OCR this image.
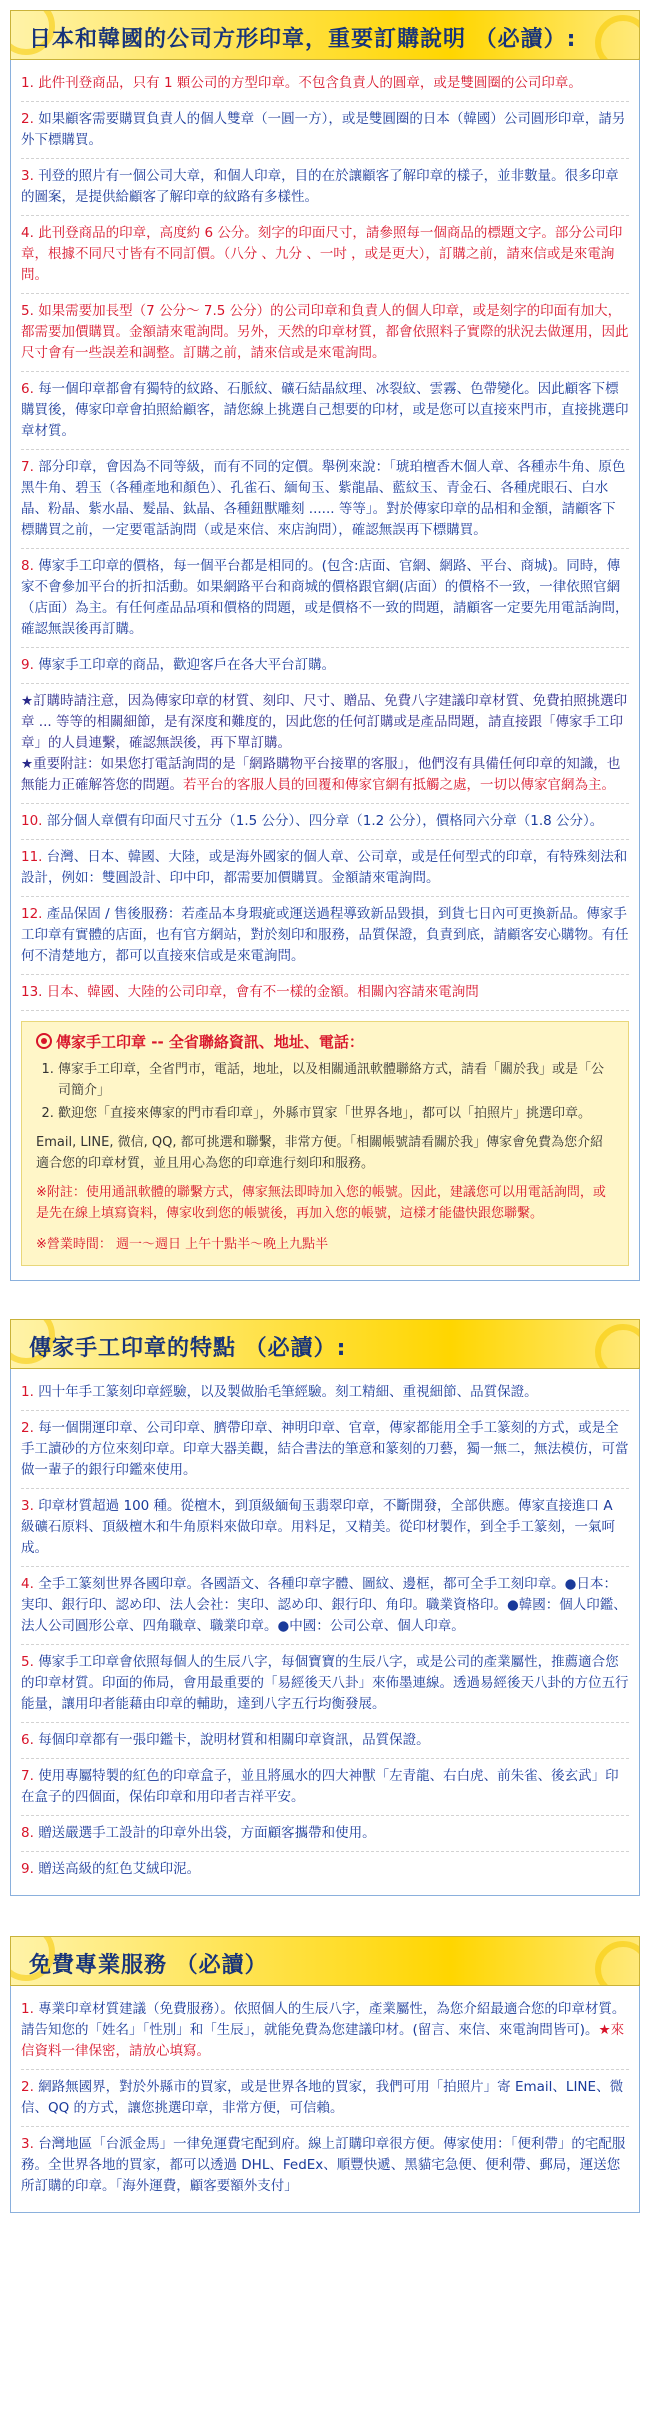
日本和韓國的公司方形印章，重要訂購說明 （必讀）:
1. 此件刊登商品，只有 1 顆公司的方型印章。不包含負責人的圓章，或是雙圓圈的公司印章。
2. 如果顧客需要購買負責人的個人雙章（一圓一方），或是雙圓圈的日本（韓國）公司圓形印章，請另外下標購買。
3. 刊登的照片有一個公司大章，和個人印章，目的在於讓顧客了解印章的樣子，並非數量。很多印章的圖案，是提供給顧客了解印章的紋路有多樣性。
4. 此刊登商品的印章，高度約 6 公分。刻字的印面尺寸，請參照每一個商品的標題文字。部分公司印章，根據不同尺寸皆有不同訂價。（八分 、九分 、一吋 ，或是更大），訂購之前，請來信或是來電詢問。
5. 如果需要加長型（7 公分～ 7.5 公分）的公司印章和負責人的個人印章，或是刻字的印面有加大，都需要加價購買。金額請來電詢問。另外，天然的印章材質，都會依照料子實際的狀況去做運用，因此尺寸會有一些誤差和調整。訂購之前，請來信或是來電詢問。
6. 每一個印章都會有獨特的紋路、石脈紋、礦石結晶紋理、冰裂紋、雲霧、色帶變化。因此顧客下標購買後，傳家印章會拍照給顧客，請您線上挑選自己想要的印材，或是您可以直接來門市，直接挑選印章材質。
7. 部分印章，會因為不同等級，而有不同的定價。舉例來說：「琥珀檀香木個人章、各種赤牛角、原色黑牛角、碧玉（各種產地和顏色）、孔雀石、緬甸玉、紫龍晶、藍紋玉、青金石、各種虎眼石、白水晶、粉晶、紫水晶、髮晶、鈦晶、各種鈕獸雕刻 ...... 等等」。對於傳家印章的品相和金額，請顧客下標購買之前，一定要電話詢問（或是來信、來店詢問），確認無誤再下標購買。
8. 傳家手工印章的價格，每一個平台都是相同的。(包含:店面、官網、網路、平台、商城)。同時，傳家不會參加平台的折扣活動。如果網路平台和商城的價格跟官網(店面）的價格不一致，一律依照官網（店面）為主。有任何產品品項和價格的問題，或是價格不一致的問題，請顧客一定要先用電話詢問，確認無誤後再訂購。
9. 傳家手工印章的商品，歡迎客戶在各大平台訂購。
★訂購時請注意，因為傳家印章的材質、刻印、尺寸、贈品、免費八字建議印章材質、免費拍照挑選印章 ... 等等的相關細節，是有深度和難度的，因此您的任何訂購或是產品問題，請直接跟「傳家手工印章」的人員連繫，確認無誤後，再下單訂購。
★重要附註：如果您打電話詢問的是「網路購物平台接單的客服」，他們沒有具備任何印章的知識，也無能力正確解答您的問題。若平台的客服人員的回覆和傳家官網有抵觸之處，一切以傳家官網為主。
10. 部分個人章價有印面尺寸五分（1.5 公分）、四分章（1.2 公分），價格同六分章（1.8 公分）。
11. 台灣、日本、韓國、大陸，或是海外國家的個人章、公司章，或是任何型式的印章，有特殊刻法和設計，例如：雙圓設計、印中印，都需要加價購買。金額請來電詢問。
12. 產品保固 / 售後服務：若產品本身瑕疵或運送過程導致新品毀損，到貨七日內可更換新品。傳家手工印章有實體的店面，也有官方網站，對於刻印和服務，品質保證，負責到底，請顧客安心購物。有任何不清楚地方，都可以直接來信或是來電詢問。
13. 日本、韓國、大陸的公司印章，會有不一樣的金額。相關內容請來電詢問
傳家手工印章 -- 全省聯絡資訊、地址、電話：
1. 傳家手工印章，全省門市，電話，地址，以及相關通訊軟體聯絡方式，請看「關於我」或是「公司簡介」
2. 歡迎您「直接來傳家的門市看印章」，外縣市買家「世界各地」，都可以「拍照片」挑選印章。
Email, LINE, 微信, QQ, 都可挑選和聯繫，非常方便。「相關帳號請看關於我」傳家會免費為您介紹適合您的印章材質，並且用心為您的印章進行刻印和服務。
※附註：使用通訊軟體的聯繫方式，傳家無法即時加入您的帳號。因此，建議您可以用電話詢問，或是先在線上填寫資料，傳家收到您的帳號後，再加入您的帳號，這樣才能儘快跟您聯繫。
※營業時間： 週一～週日 上午十點半～晚上九點半
傳家手工印章的特點 （必讀）:
1. 四十年手工篆刻印章經驗，以及製做胎毛筆經驗。刻工精細、重視細節、品質保證。
2. 每一個開運印章、公司印章、臍帶印章、神明印章、官章，傳家都能用全手工篆刻的方式，或是全手工讀砂的方位來刻印章。印章大器美觀，結合書法的筆意和篆刻的刀藝，獨一無二，無法模仿，可當做一輩子的銀行印鑑來使用。
3. 印章材質超過 100 種。從檀木，到頂級緬甸玉翡翠印章，不斷開發，全部供應。傳家直接進口 A 級礦石原料、頂級檀木和牛角原料來做印章。用料足，又精美。從印材製作，到全手工篆刻，一氣呵成。
4. 全手工篆刻世界各國印章。各國語文、各種印章字體、圖紋、邊框，都可全手工刻印章。●日本：実印、銀行印、認め印、法人会社：実印、認め印、銀行印、角印。職業資格印。●韓國：個人印鑑、法人公司圓形公章、四角職章、職業印章。●中國：公司公章、個人印章。
5. 傳家手工印章會依照每個人的生辰八字，每個寶寶的生辰八字，或是公司的產業屬性，推薦適合您的印章材質。印面的佈局，會用最重要的「易經後天八卦」來佈墨連線。透過易經後天八卦的方位五行能量，讓用印者能藉由印章的輔助，達到八字五行均衡發展。
6. 每個印章都有一張印鑑卡，說明材質和相關印章資訊，品質保證。
7. 使用專屬特製的紅色的印章盒子，並且將風水的四大神獸「左青龍、右白虎、前朱雀、後玄武」印在盒子的四個面，保佑印章和用印者吉祥平安。
8. 贈送嚴選手工設計的印章外出袋，方面顧客攜帶和使用。
9. 贈送高級的紅色艾絨印泥。
免費專業服務 （必讀）
1. 專業印章材質建議（免費服務）。依照個人的生辰八字，產業屬性，為您介紹最適合您的印章材質。請告知您的「姓名」「性別」和「生辰」，就能免費為您建議印材。(留言、來信、來電詢問皆可)。★來信資料一律保密，請放心填寫。
2. 網路無國界，對於外縣市的買家，或是世界各地的買家，我們可用「拍照片」寄 Email、LINE、微信、QQ 的方式，讓您挑選印章，非常方便，可信賴。
3. 台灣地區「台派金馬」一律免運費宅配到府。線上訂購印章很方便。傳家使用：「便利帶」的宅配服務。全世界各地的買家，都可以透過 DHL、FedEx、順豐快遞、黑貓宅急便、便利帶、郵局，運送您所訂購的印章。「海外運費，顧客要額外支付」
